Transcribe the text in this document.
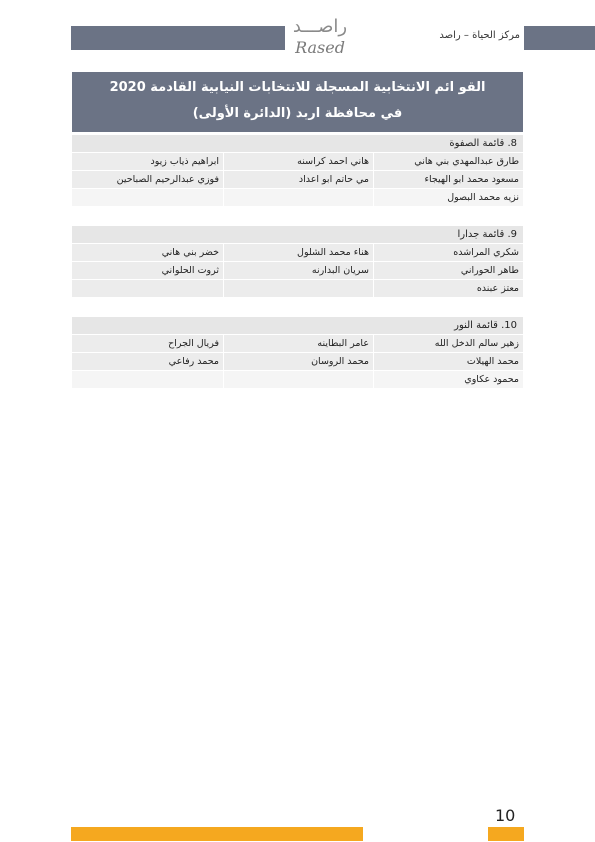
راصـــد
Rased
مركز الحياة – راصد
القو ائم الانتخابية المسجلة للانتخابات النيابية القادمة 2020
في محافظة اربد (الدائرة الأولى)
8. قائمة الصفوة
طارق عبدالمهدي بني هاني
هاني احمد كراسنه
ابراهيم ذياب زيود
مسعود محمد ابو الهيجاء
مي حاتم ابو اعداد
فوزي عبدالرحيم الصباحين
نزيه محمد البصول
9. قائمة جدارا
شكري المراشده
هناء محمد الشلول
خضر بني هاني
طاهر الحوراني
سريان البدارنه
ثروت الحلواني
معتز عبنده
10. قائمة النور
زهير سالم الدخل الله
عامر البطاينه
فريال الجراح
محمد الهيلات
محمد الروسان
محمد رفاعي
محمود عكاوي
10
